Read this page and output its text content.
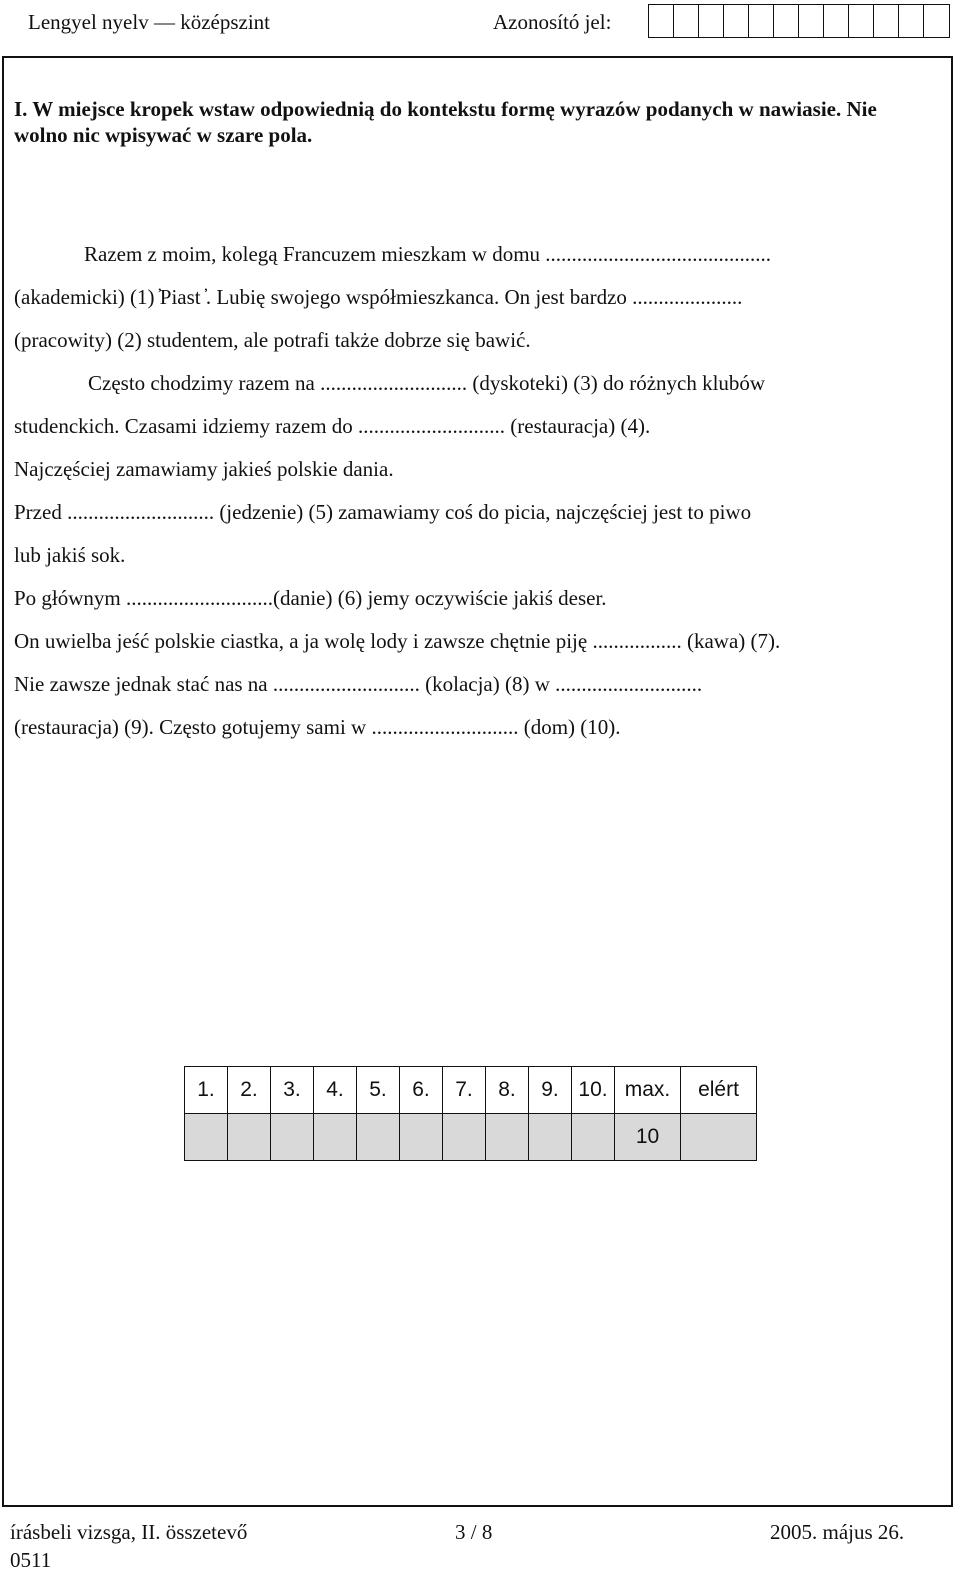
Lengyel nyelv — középszint	Azonosító jel:
I. W miejsce kropek wstaw odpowiednią do kontekstu formę wyrazów podanych w nawiasie. Nie wolno nic wpisywać w szare pola.
Razem z moim, kolegą Francuzem mieszkam w domu ...........................................
(akademicki) (1) ̓Piast ̓. Lubię swojego współmieszkanca. On jest bardzo .....................
(pracowity) (2) studentem, ale potrafi także dobrze się bawić.
Często chodzimy razem na ............................ (dyskoteki) (3) do różnych klubów
studenckich. Czasami idziemy razem do ............................ (restauracja) (4).
Najczęściej zamawiamy jakieś polskie dania.
Przed ............................ (jedzenie) (5) zamawiamy coś do picia, najczęściej jest to piwo
lub jakiś sok.
Po głównym ............................(danie) (6) jemy oczywiście jakiś deser.
On uwielba jeść polskie ciastka, a ja wolę lody i zawsze chętnie piję ................. (kawa) (7).
Nie zawsze jednak stać nas na ............................ (kolacja) (8) w ............................
(restauracja) (9). Często gotujemy sami w ............................ (dom) (10).
1.	2.	3.	4.	5.	6.	7.	8.	9.	10.	max.	elért
										10	
írásbeli vizsga, II. összetevő	3 / 8	2005. május 26.
0511
